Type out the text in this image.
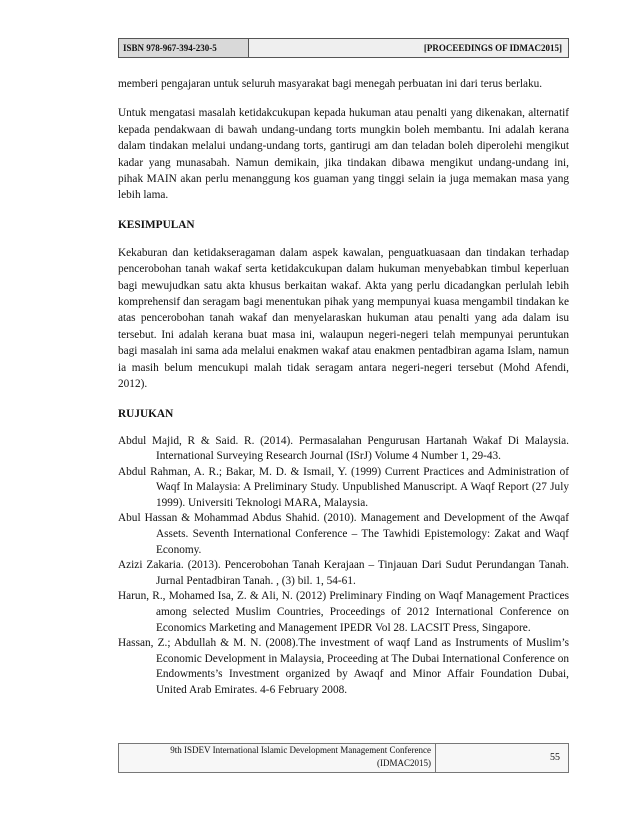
ISBN 978-967-394-230-5	[PROCEEDINGS OF IDMAC2015]

memberi pengajaran untuk seluruh masyarakat bagi menegah perbuatan ini dari terus berlaku.

Untuk mengatasi masalah ketidakcukupan kepada hukuman atau penalti yang dikenakan, alternatif kepada pendakwaan di bawah undang-undang torts mungkin boleh membantu. Ini adalah kerana dalam tindakan melalui undang-undang torts, gantirugi am dan teladan boleh diperolehi mengikut kadar yang munasabah. Namun demikain, jika tindakan dibawa mengikut undang-undang ini, pihak MAIN akan perlu menanggung kos guaman yang tinggi selain ia juga memakan masa yang lebih lama.

KESIMPULAN

Kekaburan dan ketidakseragaman dalam aspek kawalan, penguatkuasaan dan tindakan terhadap pencerobohan tanah wakaf serta ketidakcukupan dalam hukuman menyebabkan timbul keperluan bagi mewujudkan satu akta khusus berkaitan wakaf. Akta yang perlu dicadangkan perlulah lebih komprehensif dan seragam bagi menentukan pihak yang mempunyai kuasa mengambil tindakan ke atas pencerobohan tanah wakaf dan menyelaraskan hukuman atau penalti yang ada dalam isu tersebut. Ini adalah kerana buat masa ini, walaupun negeri-negeri telah mempunyai peruntukan bagi masalah ini sama ada melalui enakmen wakaf atau enakmen pentadbiran agama Islam, namun ia masih belum mencukupi malah tidak seragam antara negeri-negeri tersebut (Mohd Afendi, 2012).

RUJUKAN

Abdul Majid, R & Said. R. (2014). Permasalahan Pengurusan Hartanah Wakaf Di Malaysia. International Surveying Research Journal (ISrJ) Volume 4 Number 1, 29-43.

Abdul Rahman, A. R.; Bakar, M. D. & Ismail, Y. (1999) Current Practices and Administration of Waqf In Malaysia: A Preliminary Study. Unpublished Manuscript. A Waqf Report (27 July 1999). Universiti Teknologi MARA, Malaysia.

Abul Hassan & Mohammad Abdus Shahid. (2010). Management and Development of the Awqaf Assets. Seventh International Conference – The Tawhidi Epistemology: Zakat and Waqf Economy.

Azizi Zakaria. (2013). Pencerobohan Tanah Kerajaan – Tinjauan Dari Sudut Perundangan Tanah. Jurnal Pentadbiran Tanah. , (3) bil. 1, 54-61.

Harun, R., Mohamed Isa, Z. & Ali, N. (2012) Preliminary Finding on Waqf Management Practices among selected Muslim Countries, Proceedings of 2012 International Conference on Economics Marketing and Management IPEDR Vol 28. LACSIT Press, Singapore.

Hassan, Z.; Abdullah & M. N. (2008).The investment of waqf Land as Instruments of Muslim’s Economic Development in Malaysia, Proceeding at The Dubai International Conference on Endowments’s Investment organized by Awaqf and Minor Affair Foundation Dubai, United Arab Emirates. 4-6 February 2008.

9th ISDEV International Islamic Development Management Conference
(IDMAC2015)	55
